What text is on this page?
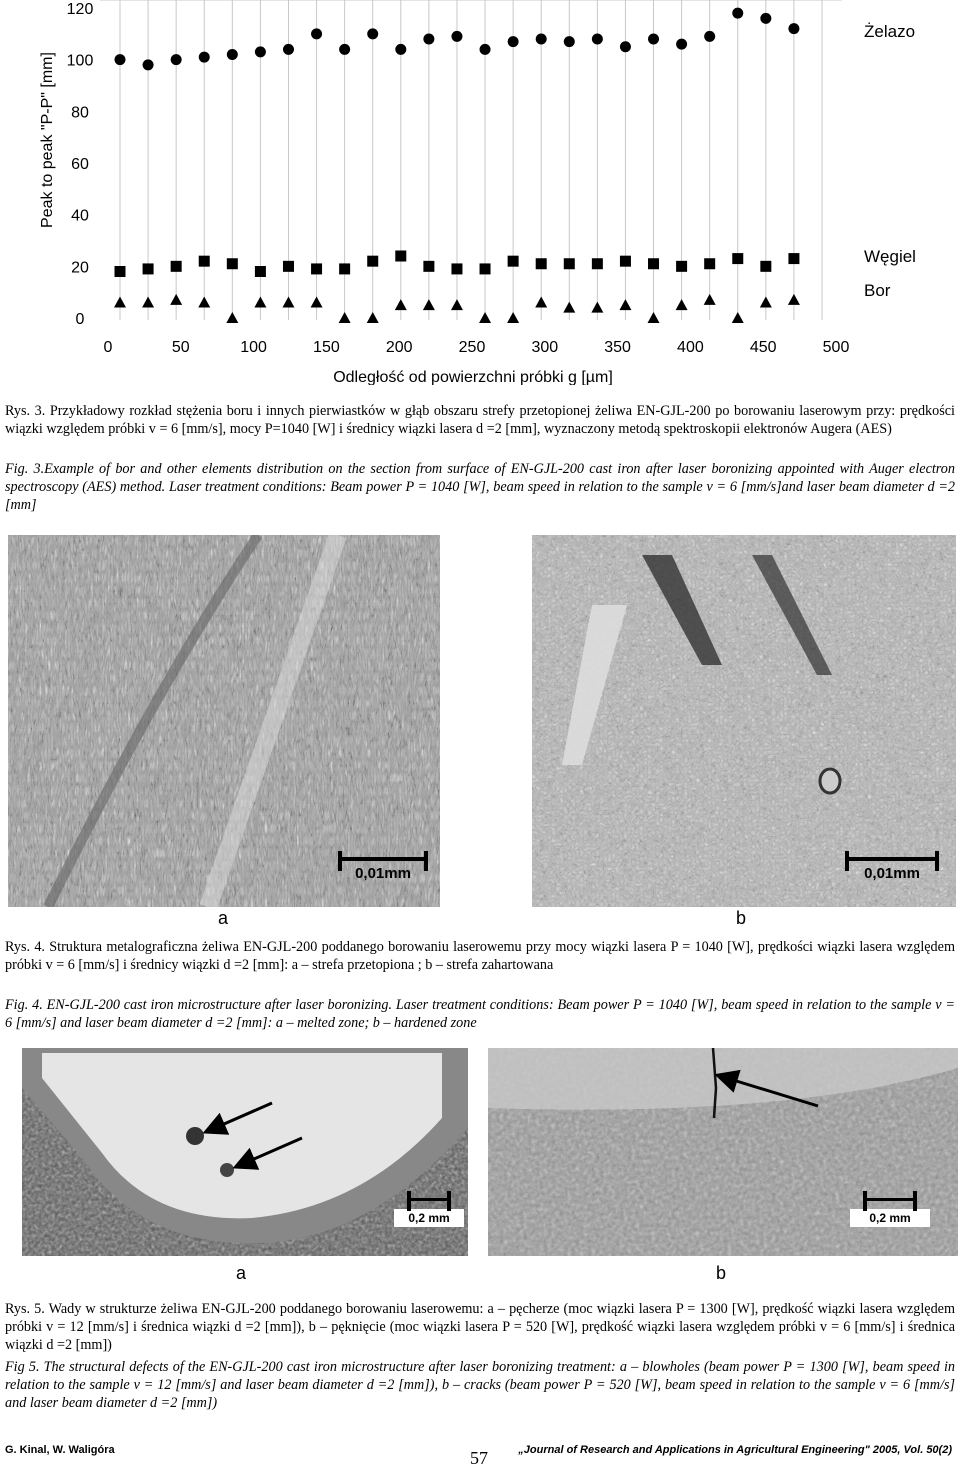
0
20
40
60
80
100
120
0	50	100	150	200	250	300	350	400	450	500
Żelazo
Węgiel
Bor
Peak to peak "P-P" [mm]
Odległość od powierzchni próbki g [µm]
Rys. 3. Przykładowy rozkład stężenia boru i innych pierwiastków w głąb obszaru strefy przetopionej żeliwa EN-GJL-200 po borowaniu laserowym przy: prędkości wiązki względem próbki v = 6 [mm/s], mocy P=1040 [W] i średnicy wiązki lasera d =2 [mm], wyznaczony metodą spektroskopii elektronów Augera (AES)
Fig. 3.Example of bor and other elements distribution on the section from surface of EN-GJL-200 cast iron after laser boronizing appointed with Auger electron spectroscopy (AES) method. Laser treatment conditions: Beam power P = 1040 [W], beam speed in relation to the sample v = 6 [mm/s]and laser beam diameter d =2 [mm]
0,01mm	0,01mm
a	b
Rys. 4. Struktura metalograficzna żeliwa EN-GJL-200 poddanego borowaniu laserowemu przy mocy wiązki lasera P = 1040 [W], prędkości wiązki lasera względem próbki v = 6 [mm/s] i średnicy wiązki d =2 [mm]: a – strefa przetopiona ; b – strefa zahartowana
Fig. 4. EN-GJL-200 cast iron microstructure after laser boronizing. Laser treatment conditions: Beam power P = 1040 [W], beam speed in relation to the sample v = 6 [mm/s] and laser beam diameter d =2 [mm]: a – melted zone; b – hardened zone
0,2 mm	0,2 mm
a	b
Rys. 5. Wady w strukturze żeliwa EN-GJL-200 poddanego borowaniu laserowemu: a – pęcherze (moc wiązki lasera P = 1300 [W], prędkość wiązki lasera względem próbki v = 12 [mm/s] i średnica wiązki d =2 [mm]), b – pęknięcie (moc wiązki lasera P = 520 [W], prędkość wiązki lasera względem próbki v = 6 [mm/s] i średnica wiązki d =2 [mm])
Fig 5. The structural defects of the EN-GJL-200 cast iron microstructure after laser boronizing treatment: a – blowholes (beam power P = 1300 [W], beam speed in relation to the sample v = 12 [mm/s] and laser beam diameter d =2 [mm]), b – cracks (beam power P = 520 [W], beam speed in relation to the sample v = 6 [mm/s] and laser beam diameter d =2 [mm])
G. Kinal, W. Waligóra	57	„Journal of Research and Applications in Agricultural Engineering" 2005, Vol. 50(2)
